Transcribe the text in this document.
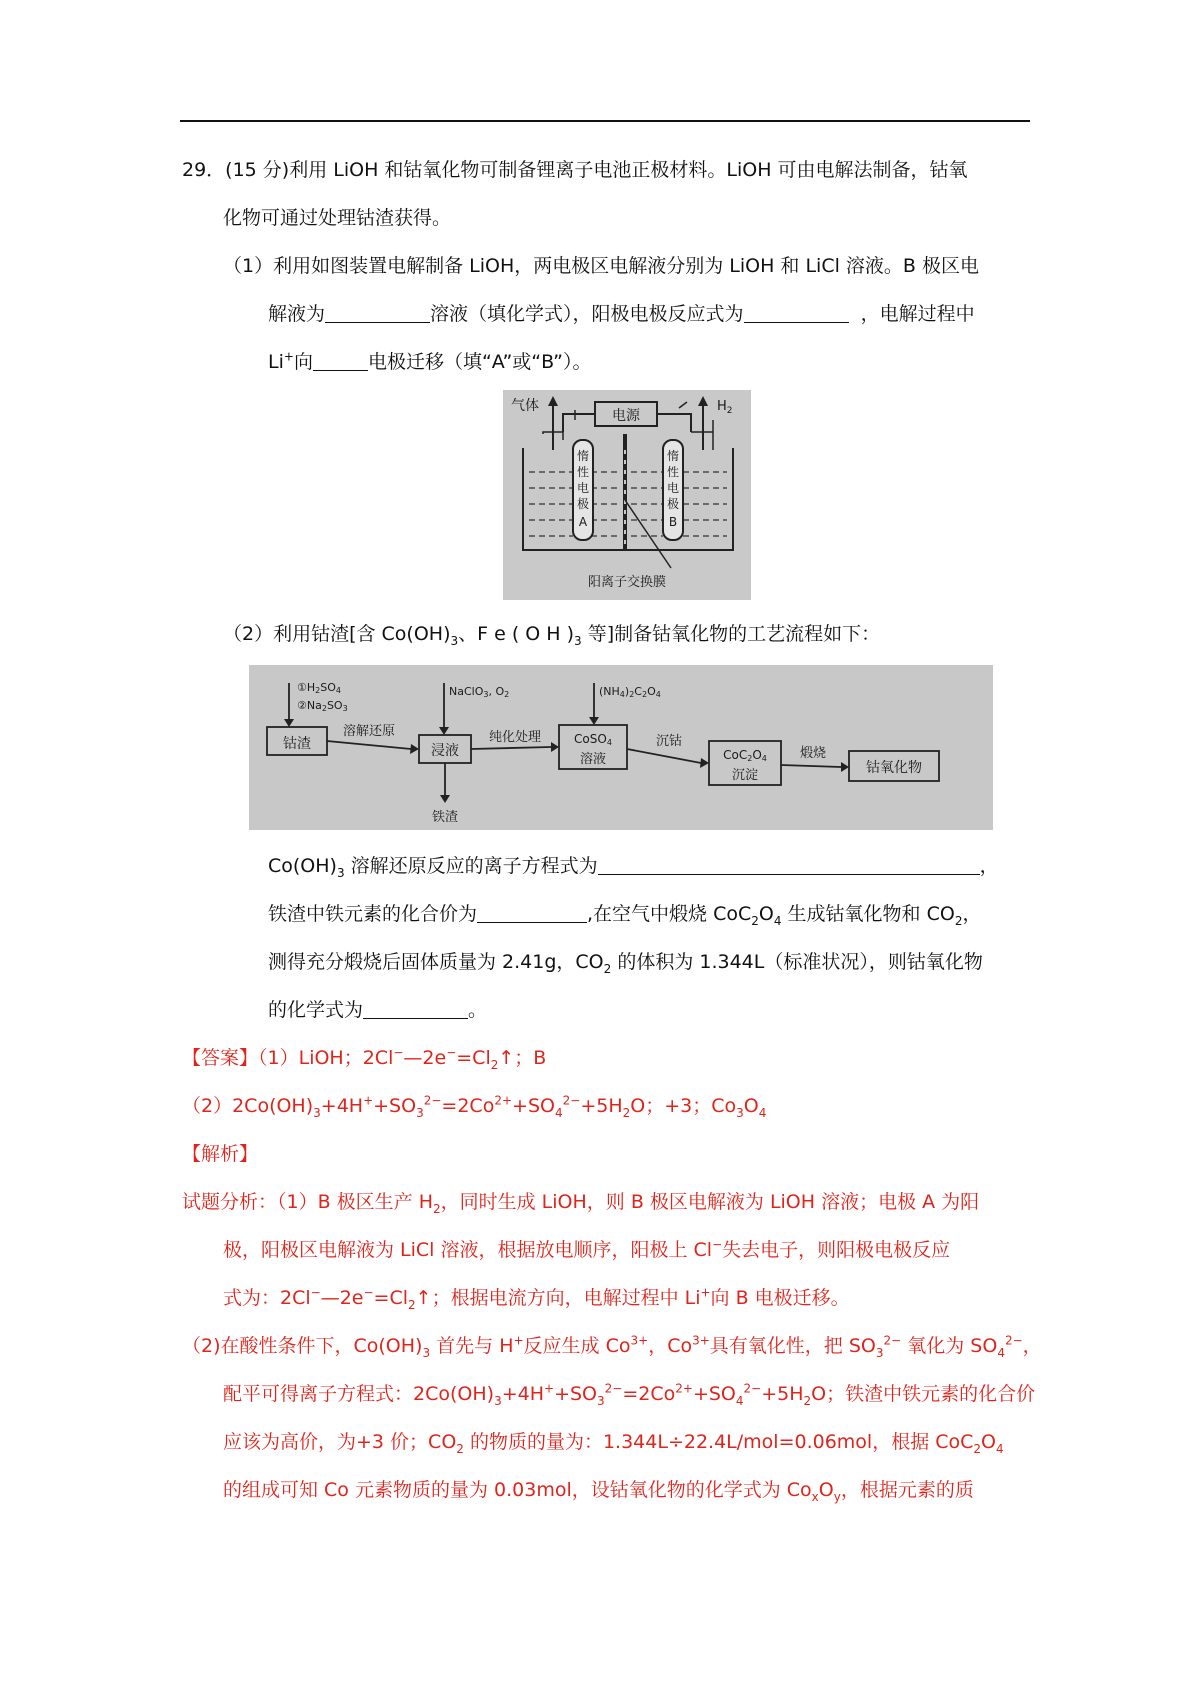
29．(15 分)利用 LiOH 和钴氧化物可制备锂离子电池正极材料。LiOH 可由电解法制备，钴氧
化物可通过处理钴渣获得。
（1）利用如图装置电解制备 LiOH，两电极区电解液分别为 LiOH 和 LiCl 溶液。B 极区电
解液为	溶液（填化学式），阳极电极反应式为	，电解过程中
Li+向	电极迁移（填“A”或“B”）。
电源
气体	$H_2$
惰
性
电
极
A
惰
性
电
极
B
阳离子交换膜
（2）利用钴渣[含 $Co(OH)_3$、F e ( O H )$_3$ 等]制备钴氧化物的工艺流程如下：
①H2SO4
②Na2SO3
钴渣
溶解还原
NaClO3, O2
浸液
纯化处理
铁渣
(NH4)2C2O4
CoSO4
溶液
沉钴
CoC2O4
沉淀
煅烧
钴氧化物
$Co(OH)_3$ 溶解还原反应的离子方程式为	，
铁渣中铁元素的化合价为	,在空气中煅烧 $CoC_2O_4$ 生成钴氧化物和 $CO_2$，
测得充分煅烧后固体质量为 2.41g，$CO_2$ 的体积为 1.344L（标准状况），则钴氧化物
的化学式为	。
【答案】（1）LiOH；$2Cl^-—2e^-=Cl_2↑$；B
$(2)2Co(OH)_3+4H^++SO_3^{2-}=2Co^{2+}+SO_4^{2-}+5H_2O$；+3；$Co_3O_4$
【解析】
试题分析：（1）B 极区生产 $H_2$，同时生成 LiOH，则 B 极区电解液为 LiOH 溶液；电极 A 为阳
极，阳极区电解液为 LiCl 溶液，根据放电顺序，阳极上 Cl−失去电子，则阳极电极反应
式为：$2Cl^-—2e^-=Cl_2↑$；根据电流方向，电解过程中 Li+向 B 电极迁移。
（2)在酸性条件下，$Co(OH)_3$ 首先与 H+反应生成 $Co^{3+}$，$Co^{3+}$具有氧化性，把 $SO_3^{2-}$ 氧化为 $SO_4^{2-}$，
配平可得离子方程式：$2Co(OH)_3+4H^++SO_3^{2-}=2Co^{2+}+SO_4^{2-}+5H_2O$；铁渣中铁元素的化合价
应该为高价，为+3 价；$CO_2$ 的物质的量为：1.344L÷22.4L/mol=0.06mol，根据 $CoC_2O_4$
的组成可知 Co 元素物质的量为 0.03mol，设钴氧化物的化学式为 $Co_xO_y$，根据元素的质
